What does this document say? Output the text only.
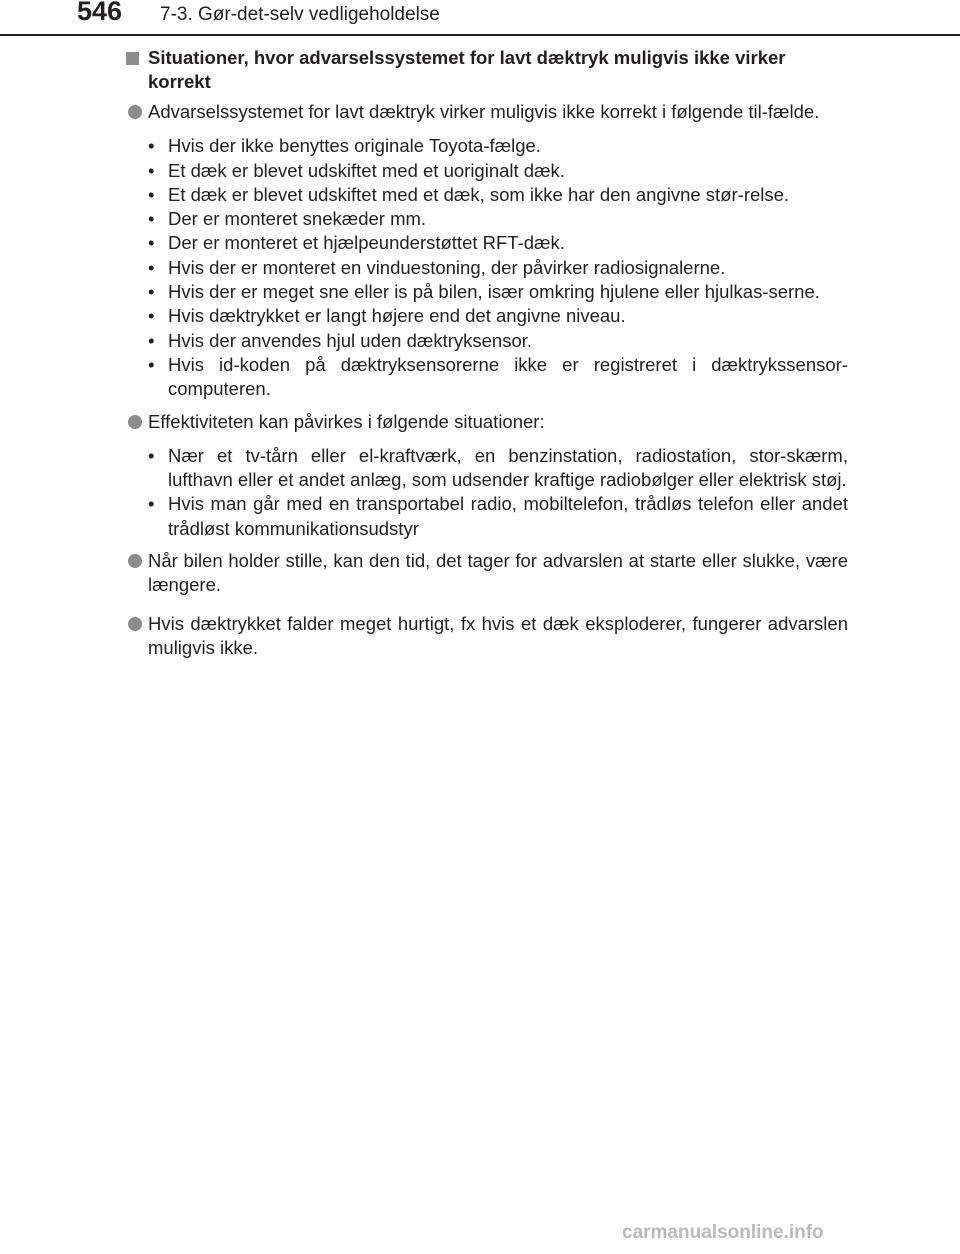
546 7-3. Gør-det-selv vedligeholdelse
Situationer, hvor advarselssystemet for lavt dæktryk muligvis ikke virker korrekt
Advarselssystemet for lavt dæktryk virker muligvis ikke korrekt i følgende til-fælde.
• Hvis der ikke benyttes originale Toyota-fælge.
• Et dæk er blevet udskiftet med et uoriginalt dæk.
• Et dæk er blevet udskiftet med et dæk, som ikke har den angivne stør-relse.
• Der er monteret snekæder mm.
• Der er monteret et hjælpeunderstøttet RFT-dæk.
• Hvis der er monteret en vinduestoning, der påvirker radiosignalerne.
• Hvis der er meget sne eller is på bilen, især omkring hjulene eller hjulkas-serne.
• Hvis dæktrykket er langt højere end det angivne niveau.
• Hvis der anvendes hjul uden dæktryksensor.
• Hvis id-koden på dæktryksensorerne ikke er registreret i dæktrykssensor-computeren.
Effektiviteten kan påvirkes i følgende situationer:
• Nær et tv-tårn eller el-kraftværk, en benzinstation, radiostation, stor-skærm, lufthavn eller et andet anlæg, som udsender kraftige radiobølger eller elektrisk støj.
• Hvis man går med en transportabel radio, mobiltelefon, trådløs telefon eller andet trådløst kommunikationsudstyr
Når bilen holder stille, kan den tid, det tager for advarslen at starte eller slukke, være længere.
Hvis dæktrykket falder meget hurtigt, fx hvis et dæk eksploderer, fungerer advarslen muligvis ikke.
carmanualsonline.info
